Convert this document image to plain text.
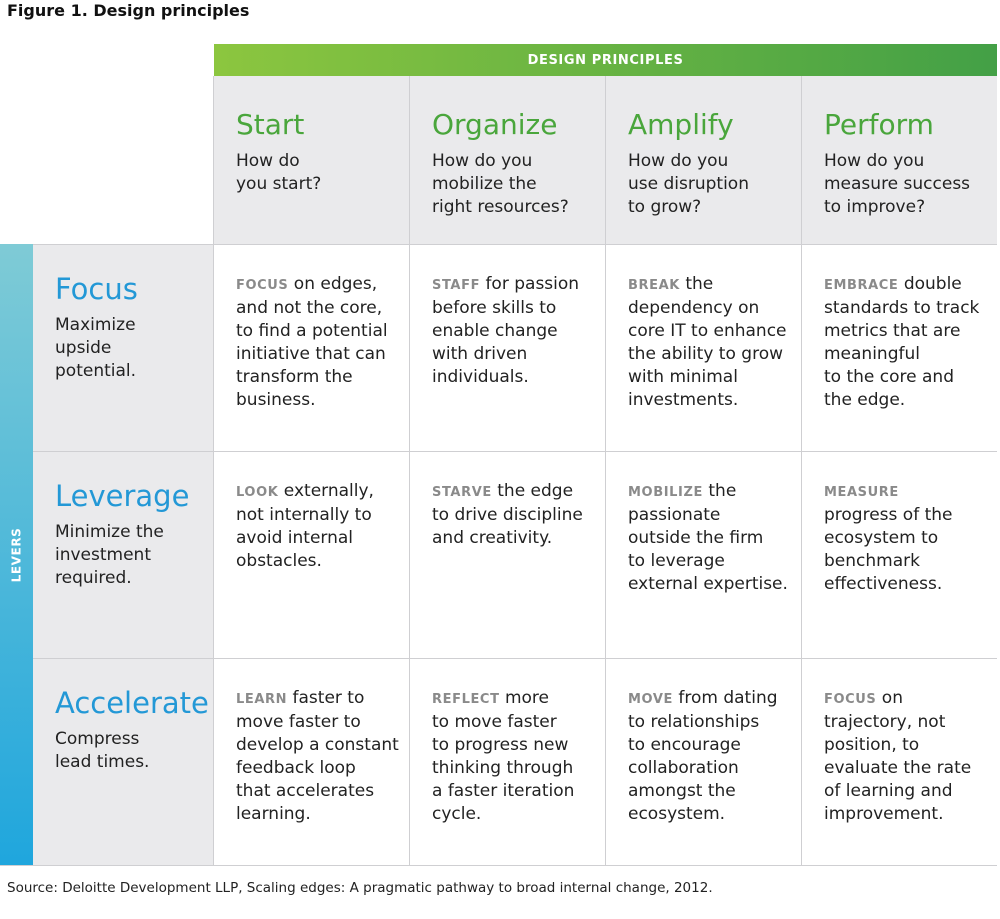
Figure 1. Design principles
DESIGN PRINCIPLES
Start
How do
you start?
Organize
How do you
mobilize the
right resources?
Amplify
How do you
use disruption
to grow?
Perform
How do you
measure success
to improve?
LEVERS
Focus
Maximize
upside
potential.
Leverage
Minimize the
investment
required.
Accelerate
Compress
lead times.
FOCUS on edges,
and not the core,
to find a potential
initiative that can
transform the
business.
STAFF for passion
before skills to
enable change
with driven
individuals.
BREAK the
dependency on
core IT to enhance
the ability to grow
with minimal
investments.
EMBRACE double
standards to track
metrics that are
meaningful
to the core and
the edge.
LOOK externally,
not internally to
avoid internal
obstacles.
STARVE the edge
to drive discipline
and creativity.
MOBILIZE the
passionate
outside the firm
to leverage
external expertise.
MEASURE
progress of the
ecosystem to
benchmark
effectiveness.
LEARN faster to
move faster to
develop a constant
feedback loop
that accelerates
learning.
REFLECT more
to move faster
to progress new
thinking through
a faster iteration
cycle.
MOVE from dating
to relationships
to encourage
collaboration
amongst the
ecosystem.
FOCUS on
trajectory, not
position, to
evaluate the rate
of learning and
improvement.
Source: Deloitte Development LLP, Scaling edges: A pragmatic pathway to broad internal change, 2012.
